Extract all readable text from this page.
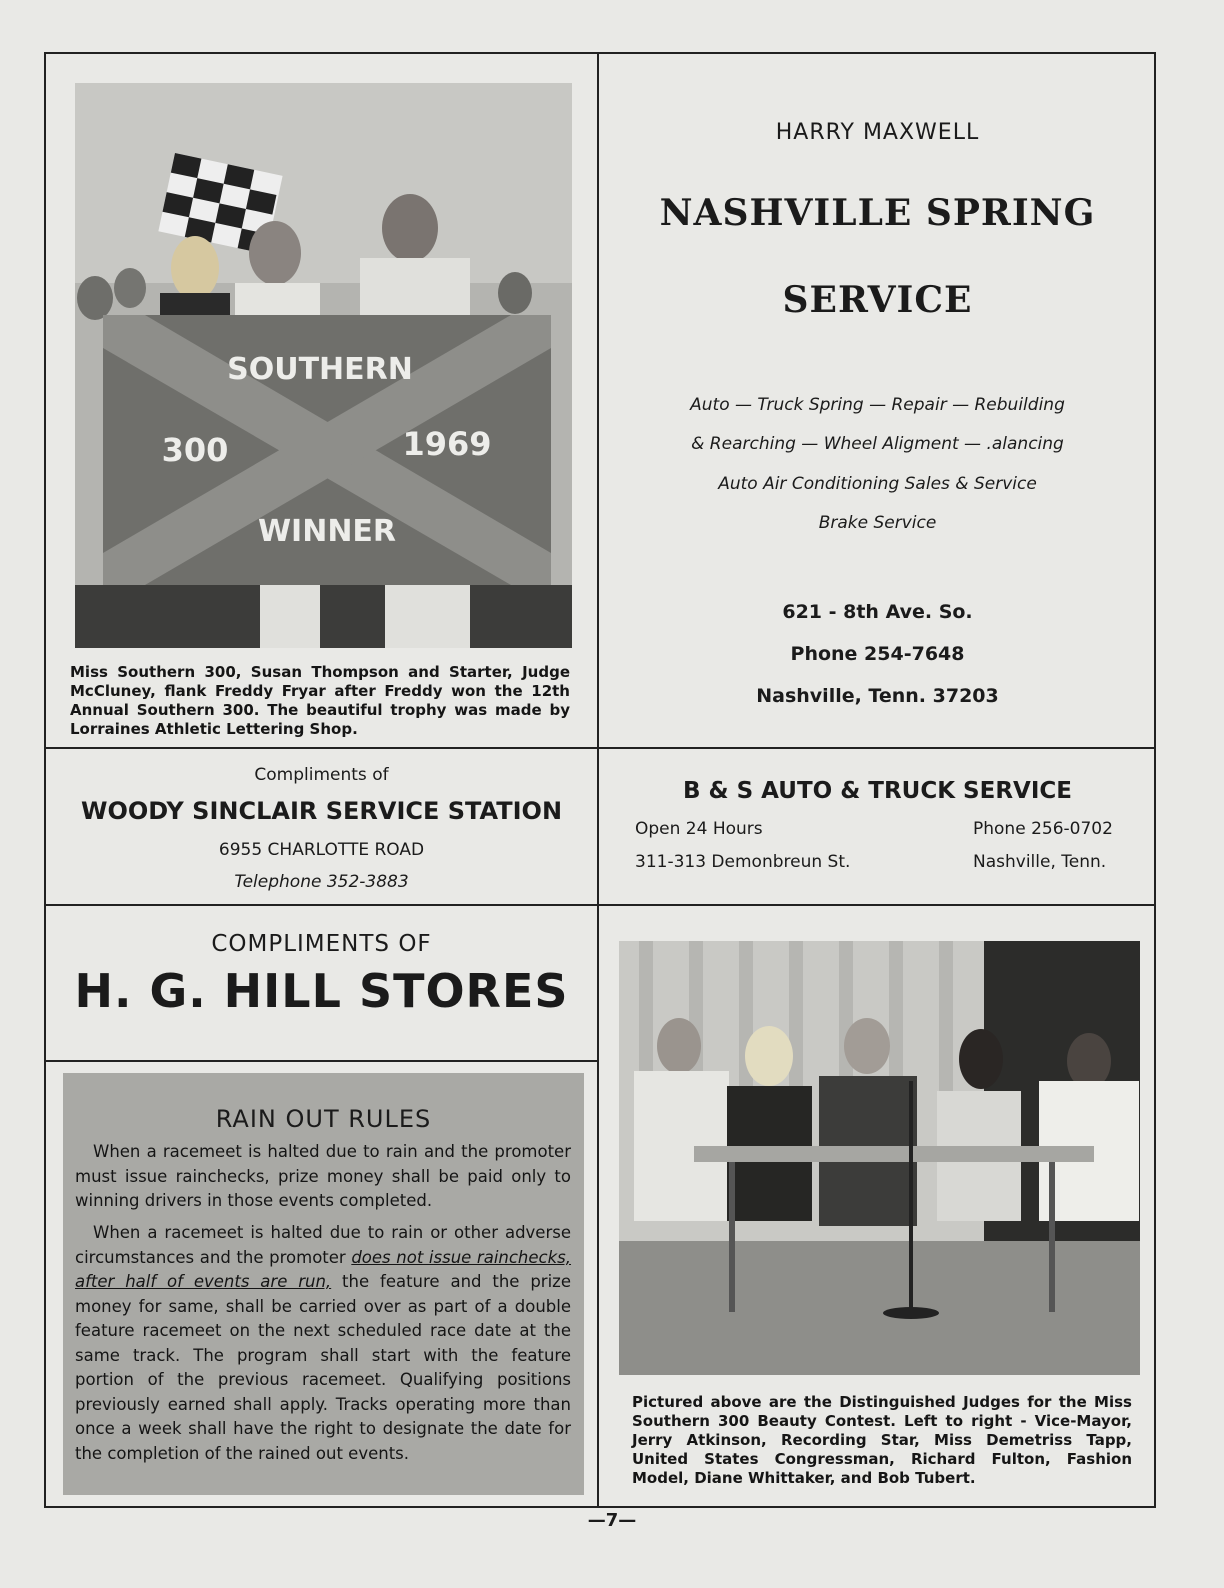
SOUTHERN
300	1969
WINNER
Miss Southern 300, Susan Thompson and Starter, Judge McCluney, flank Freddy Fryar after Freddy won the 12th Annual Southern 300. The beautiful trophy was made by Lorraines Athletic Lettering Shop.
HARRY MAXWELL
NASHVILLE SPRING
SERVICE
Auto — Truck Spring — Repair — Rebuilding
& Rearching — Wheel Aligment — .alancing
Auto Air Conditioning Sales & Service
Brake Service
621 - 8th Ave. So.
Phone 254-7648
Nashville, Tenn. 37203
Compliments of
WOODY SINCLAIR SERVICE STATION
6955 CHARLOTTE ROAD
Telephone 352-3883
B & S AUTO & TRUCK SERVICE
Open 24 Hours	Phone 256-0702
311-313 Demonbreun St.	Nashville, Tenn.
COMPLIMENTS OF
H. G. HILL STORES
RAIN OUT RULES
When a racemeet is halted due to rain and the promoter must issue rainchecks, prize money shall be paid only to winning drivers in those events completed.
When a racemeet is halted due to rain or other adverse circumstances and the promoter does not issue rainchecks, after half of events are run, the feature and the prize money for same, shall be carried over as part of a double feature racemeet on the next scheduled race date at the same track. The program shall start with the feature portion of the previous racemeet. Qualifying positions previously earned shall apply. Tracks operating more than once a week shall have the right to designate the date for the completion of the rained out events.
Pictured above are the Distinguished Judges for the Miss Southern 300 Beauty Contest. Left to right - Vice-Mayor, Jerry Atkinson, Recording Star, Miss Demetriss Tapp, United States Congressman, Richard Fulton, Fashion Model, Diane Whittaker, and Bob Tubert.
—7—
